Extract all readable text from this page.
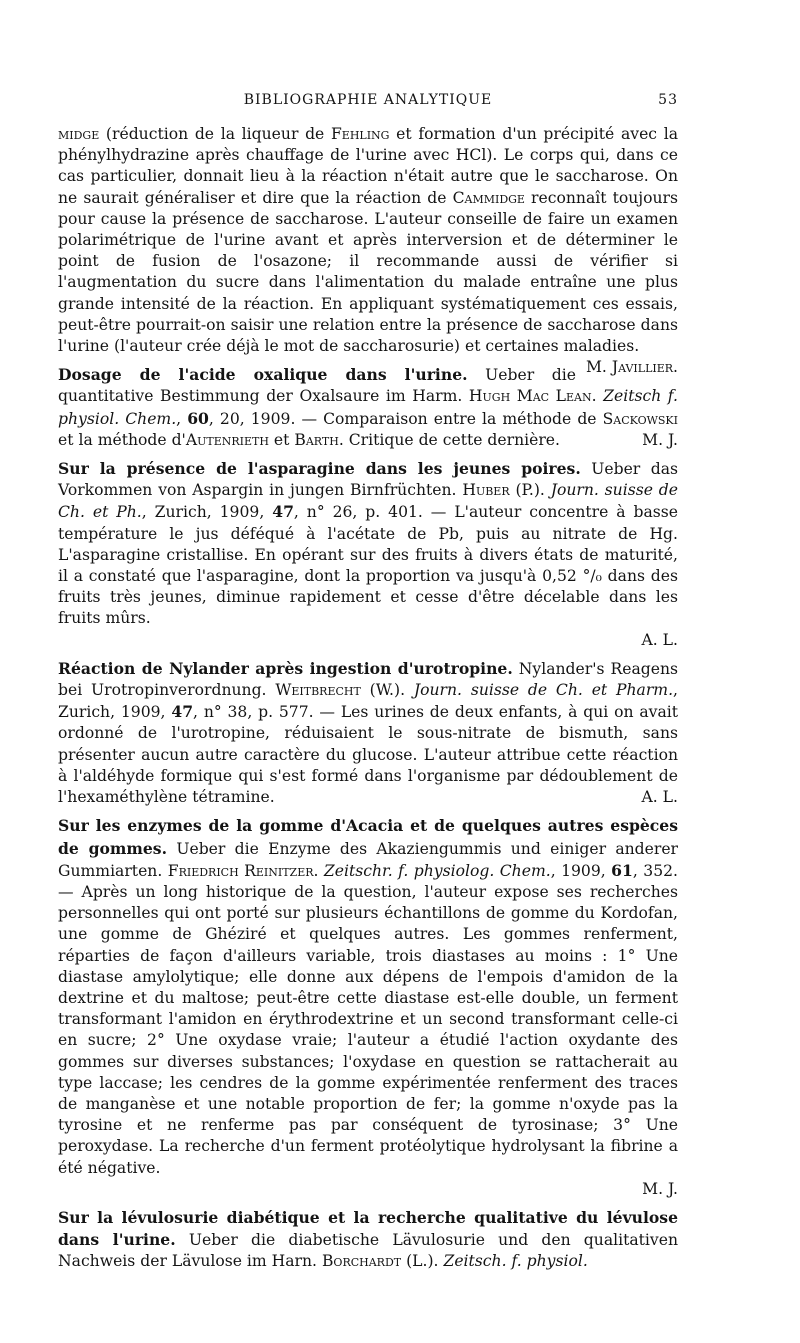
BIBLIOGRAPHIE ANALYTIQUE	53

midge (réduction de la liqueur de Fehling et formation d'un précipité avec la phénylhydrazine après chauffage de l'urine avec HCl). Le corps qui, dans ce cas particulier, donnait lieu à la réaction n'était autre que le saccharose. On ne saurait généraliser et dire que la réaction de Cammidge reconnaît toujours pour cause la présence de saccharose. L'auteur conseille de faire un examen polarimétrique de l'urine avant et après interversion et de déterminer le point de fusion de l'osazone; il recommande aussi de vérifier si l'augmentation du sucre dans l'alimentation du malade entraîne une plus grande intensité de la réaction. En appliquant systématiquement ces essais, peut-être pourrait-on saisir une relation entre la présence de saccharose dans l'urine (l'auteur crée déjà le mot de saccharosurie) et certaines maladies.
M. Javillier.

Dosage de l'acide oxalique dans l'urine. Ueber die quantitative Bestimmung der Oxalsaure im Harm. Hugh Mac Lean. Zeitsch f. physiol. Chem., 60, 20, 1909. — Comparaison entre la méthode de Sackowski et la méthode d'Autenrieth et Barth. Critique de cette dernière.	M. J.

Sur la présence de l'asparagine dans les jeunes poires. Ueber das Vorkommen von Aspargin in jungen Birnfrüchten. Huber (P.). Journ. suisse de Ch. et Ph., Zurich, 1909, 47, n° 26, p. 401. — L'auteur concentre à basse température le jus déféqué à l'acétate de Pb, puis au nitrate de Hg. L'asparagine cristallise. En opérant sur des fruits à divers états de maturité, il a constaté que l'asparagine, dont la proportion va jusqu'à 0,52 °/₀ dans des fruits très jeunes, diminue rapidement et cesse d'être décelable dans les fruits mûrs.
A. L.

Réaction de Nylander après ingestion d'urotropine. Nylander's Reagens bei Urotropinverordnung. Weitbrecht (W.). Journ. suisse de Ch. et Pharm., Zurich, 1909, 47, n° 38, p. 577. — Les urines de deux enfants, à qui on avait ordonné de l'urotropine, réduisaient le sous-nitrate de bismuth, sans présenter aucun autre caractère du glucose. L'auteur attribue cette réaction à l'aldéhyde formique qui s'est formé dans l'organisme par dédoublement de l'hexaméthylène tétramine.	A. L.

Sur les enzymes de la gomme d'Acacia et de quelques autres espèces de gommes. Ueber die Enzyme des Akaziengummis und einiger anderer Gummiarten. Friedrich Reinitzer. Zeitschr. f. physiolog. Chem., 1909, 61, 352. — Après un long historique de la question, l'auteur expose ses recherches personnelles qui ont porté sur plusieurs échantillons de gomme du Kordofan, une gomme de Ghéziré et quelques autres. Les gommes renferment, réparties de façon d'ailleurs variable, trois diastases au moins : 1° Une diastase amylolytique; elle donne aux dépens de l'empois d'amidon de la dextrine et du maltose; peut-être cette diastase est-elle double, un ferment transformant l'amidon en érythrodextrine et un second transformant celle-ci en sucre; 2° Une oxydase vraie; l'auteur a étudié l'action oxydante des gommes sur diverses substances; l'oxydase en question se rattacherait au type laccase; les cendres de la gomme expérimentée renferment des traces de manganèse et une notable proportion de fer; la gomme n'oxyde pas la tyrosine et ne renferme pas par conséquent de tyrosinase; 3° Une peroxydase. La recherche d'un ferment protéolytique hydrolysant la fibrine a été négative.
M. J.

Sur la lévulosurie diabétique et la recherche qualitative du lévulose dans l'urine. Ueber die diabetische Lävulosurie und den qualitativen Nachweis der Lävulose im Harn. Borchardt (L.). Zeitsch. f. physiol.
